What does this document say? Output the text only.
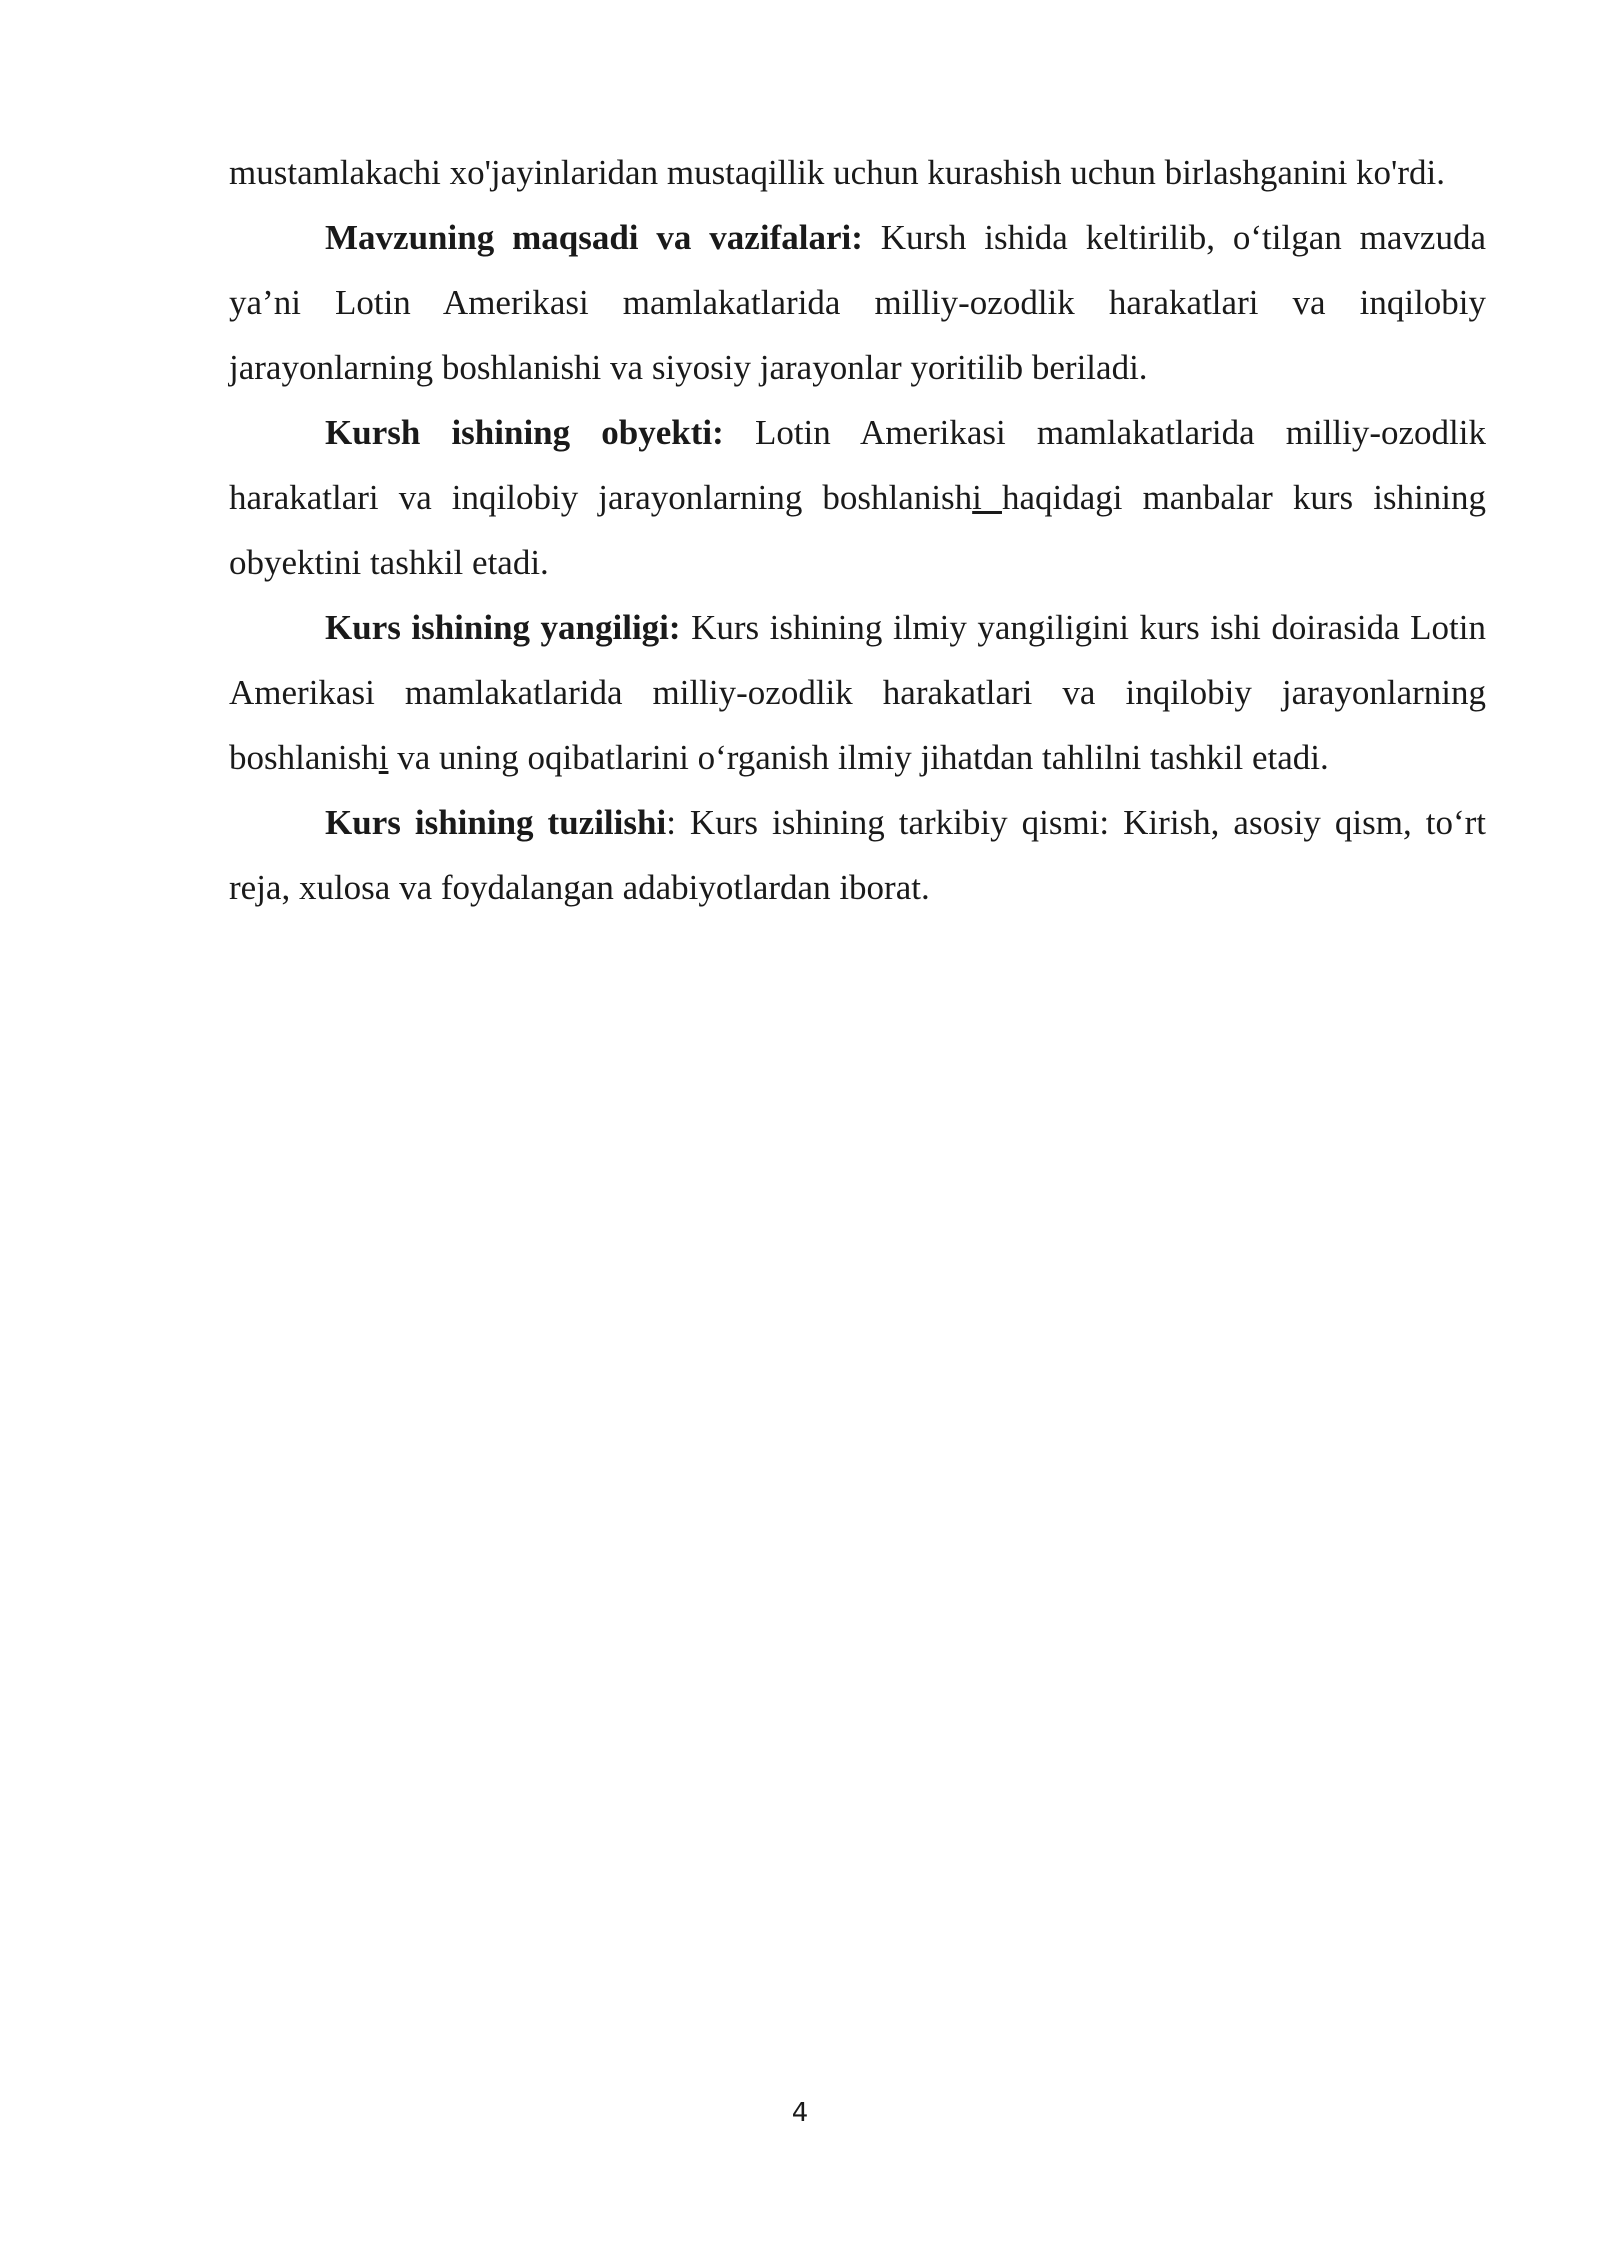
mustamlakachi xo'jayinlaridan mustaqillik uchun kurashish uchun birlashganini ko'rdi.

Mavzuning maqsadi va vazifalari: Kursh ishida keltirilib, o‘tilgan mavzuda ya’ni Lotin Amerikasi mamlakatlarida milliy-ozodlik harakatlari va inqilobiy jarayonlarning boshlanishi va siyosiy jarayonlar yoritilib beriladi.

Kursh ishining obyekti: Lotin Amerikasi mamlakatlarida milliy-ozodlik harakatlari va inqilobiy jarayonlarning boshlanishi haqidagi manbalar kurs ishining obyektini tashkil etadi.

Kurs ishining yangiligi: Kurs ishining ilmiy yangiligini kurs ishi doirasida Lotin Amerikasi mamlakatlarida milliy-ozodlik harakatlari va inqilobiy jarayonlarning boshlanishi va uning oqibatlarini o‘rganish ilmiy jihatdan tahlilni tashkil etadi.

Kurs ishining tuzilishi: Kurs ishining tarkibiy qismi: Kirish, asosiy qism, to‘rt reja, xulosa va foydalangan adabiyotlardan iborat.

4
